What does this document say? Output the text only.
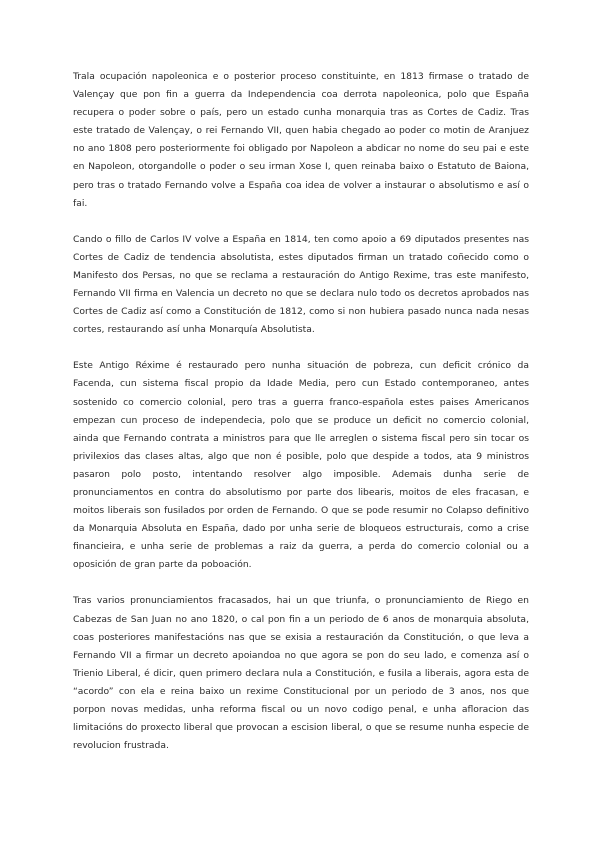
Trala ocupación napoleonica e o posterior proceso constituinte, en 1813 firmase o tratado de Valençay que pon fin a guerra da Independencia coa derrota napoleonica, polo que España recupera o poder sobre o país, pero un estado cunha monarquia tras as Cortes de Cadiz. Tras este tratado de Valençay, o rei Fernando VII, quen habia chegado ao poder co motin de Aranjuez no ano 1808 pero posteriormente foi obligado por Napoleon a abdicar no nome do seu pai e este en Napoleon, otorgandolle o poder o seu irman Xose I, quen reinaba baixo o Estatuto de Baiona, pero tras o tratado Fernando volve a España coa idea de volver a instaurar o absolutismo e así o fai.

Cando o fillo de Carlos IV volve a España en 1814, ten como apoio a 69 diputados presentes nas Cortes de Cadiz de tendencia absolutista, estes diputados firman un tratado coñecido como o Manifesto dos Persas, no que se reclama a restauración do Antigo Rexime, tras este manifesto, Fernando VII firma en Valencia un decreto no que se declara nulo todo os decretos aprobados nas Cortes de Cadiz así como a Constitución de 1812, como si non hubiera pasado nunca nada nesas cortes, restaurando así unha Monarquía Absolutista.

Este Antigo Réxime é restaurado pero nunha situación de pobreza, cun deficit crónico da Facenda, cun sistema fiscal propio da Idade Media, pero cun Estado contemporaneo, antes sostenido co comercio colonial, pero tras a guerra franco-española estes paises Americanos empezan cun proceso de independecia, polo que se produce un deficit no comercio colonial, ainda que Fernando contrata a ministros para que lle arreglen o sistema fiscal pero sin tocar os privilexios das clases altas, algo que non é posible, polo que despide a todos, ata 9 ministros pasaron polo posto, intentando resolver algo imposible. Ademais dunha serie de pronunciamentos en contra do absolutismo por parte dos libearis, moitos de eles fracasan, e moitos liberais son fusilados por orden de Fernando. O que se pode resumir no Colapso definitivo da Monarquia Absoluta en España, dado por unha serie de bloqueos estructurais, como a crise financieira, e unha serie de problemas a raiz da guerra, a perda do comercio colonial ou a oposición de gran parte da poboación.

Tras varios pronunciamientos fracasados, hai un que triunfa, o pronunciamiento de Riego en Cabezas de San Juan no ano 1820, o cal pon fin a un periodo de 6 anos de monarquia absoluta, coas posteriores manifestacións nas que se exisia a restauración da Constitución, o que leva a Fernando VII a firmar un decreto apoiandoa no que agora se pon do seu lado, e comenza así o Trienio Liberal, é dicir, quen primero declara nula a Constitución, e fusila a liberais, agora esta de “acordo” con ela e reina baixo un rexime Constitucional por un periodo de 3 anos, nos que porpon novas medidas, unha reforma fiscal ou un novo codigo penal, e unha afloracion das limitacións do proxecto liberal que provocan a escision liberal, o que se resume nunha especie de revolucion frustrada.
